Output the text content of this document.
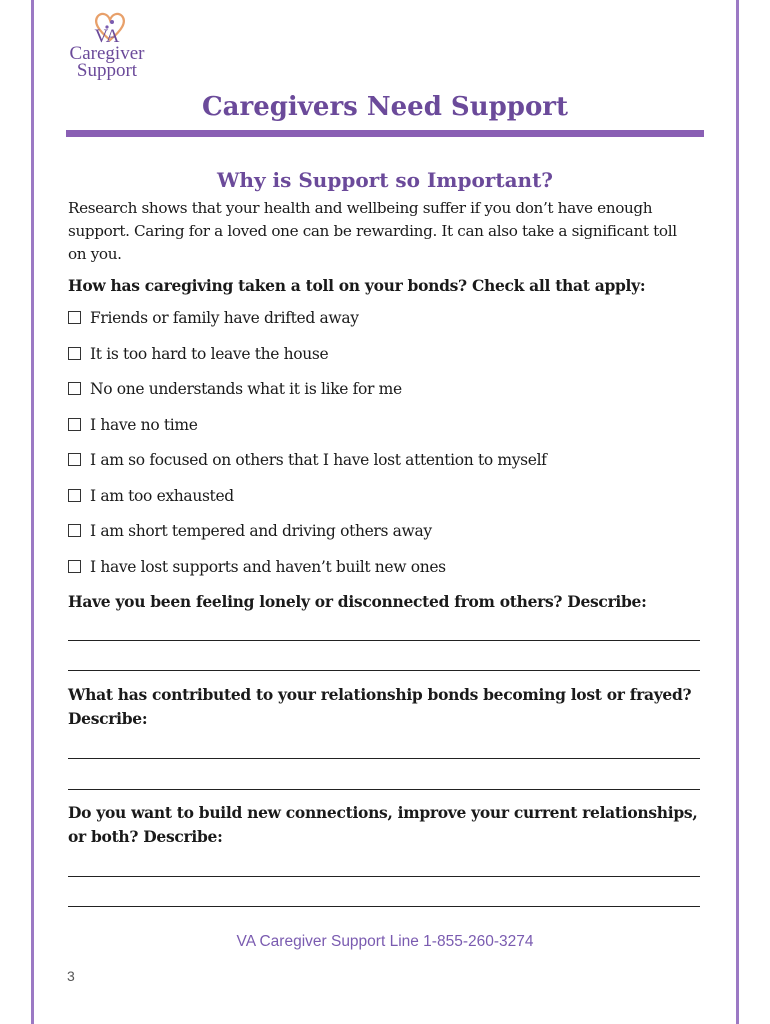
VA
Caregiver
Support
Caregivers Need Support
Why is Support so Important?
Research shows that your health and wellbeing suffer if you don’t have enough support. Caring for a loved one can be rewarding. It can also take a significant toll on you.
How has caregiving taken a toll on your bonds? Check all that apply:
Friends or family have drifted away
It is too hard to leave the house
No one understands what it is like for me
I have no time
I am so focused on others that I have lost attention to myself
I am too exhausted
I am short tempered and driving others away
I have lost supports and haven’t built new ones
Have you been feeling lonely or disconnected from others? Describe:
What has contributed to your relationship bonds becoming lost or frayed? Describe:
Do you want to build new connections, improve your current relationships, or both? Describe:
VA Caregiver Support Line 1-855-260-3274
3
